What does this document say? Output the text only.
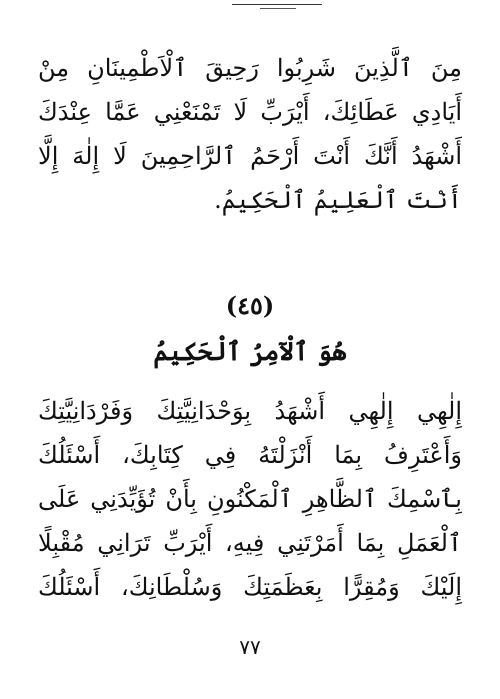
مِنَ ٱلَّذِينَ شَرِبُوا رَحِيقَ ٱلْاَطْمِينَانِ مِنْ
أَيَادِي عَطَائِكَ، أَيْرَبِّ لَا تَمْنَعْنِي عَمَّا عِنْدَكَ
أَشْهَدُ أَنَّكَ أَنْتَ أَرْحَمُ ٱلرَّاحِمِينَ لَا إِلٰهَ إِلَّا
أَنْتَ ٱلْعَلِيمُ ٱلْحَكِيمُ.
(٤٥)
هُوَ ٱلْآمِرُ ٱلْحَكِيمُ
إِلٰهِي إِلٰهِي أَشْهَدُ بِوَحْدَانِيَّتِكَ وَفَرْدَانِيَّتِكَ
وَأَعْتَرِفُ بِمَا أَنْزَلْتَهُ فِي كِتَابِكَ، أَسْئَلُكَ
بِٱسْمِكَ ٱلظَّاهِرِ ٱلْمَكْنُونِ بِأَنْ تُؤَيِّدَنِي عَلَى
ٱلْعَمَلِ بِمَا أَمَرْتَنِي فِيهِ، أَيْرَبِّ تَرَانِي مُقْبِلًا
إِلَيْكَ وَمُقِرًّا بِعَظَمَتِكَ وَسُلْطَانِكَ، أَسْئَلُكَ
٧٧
